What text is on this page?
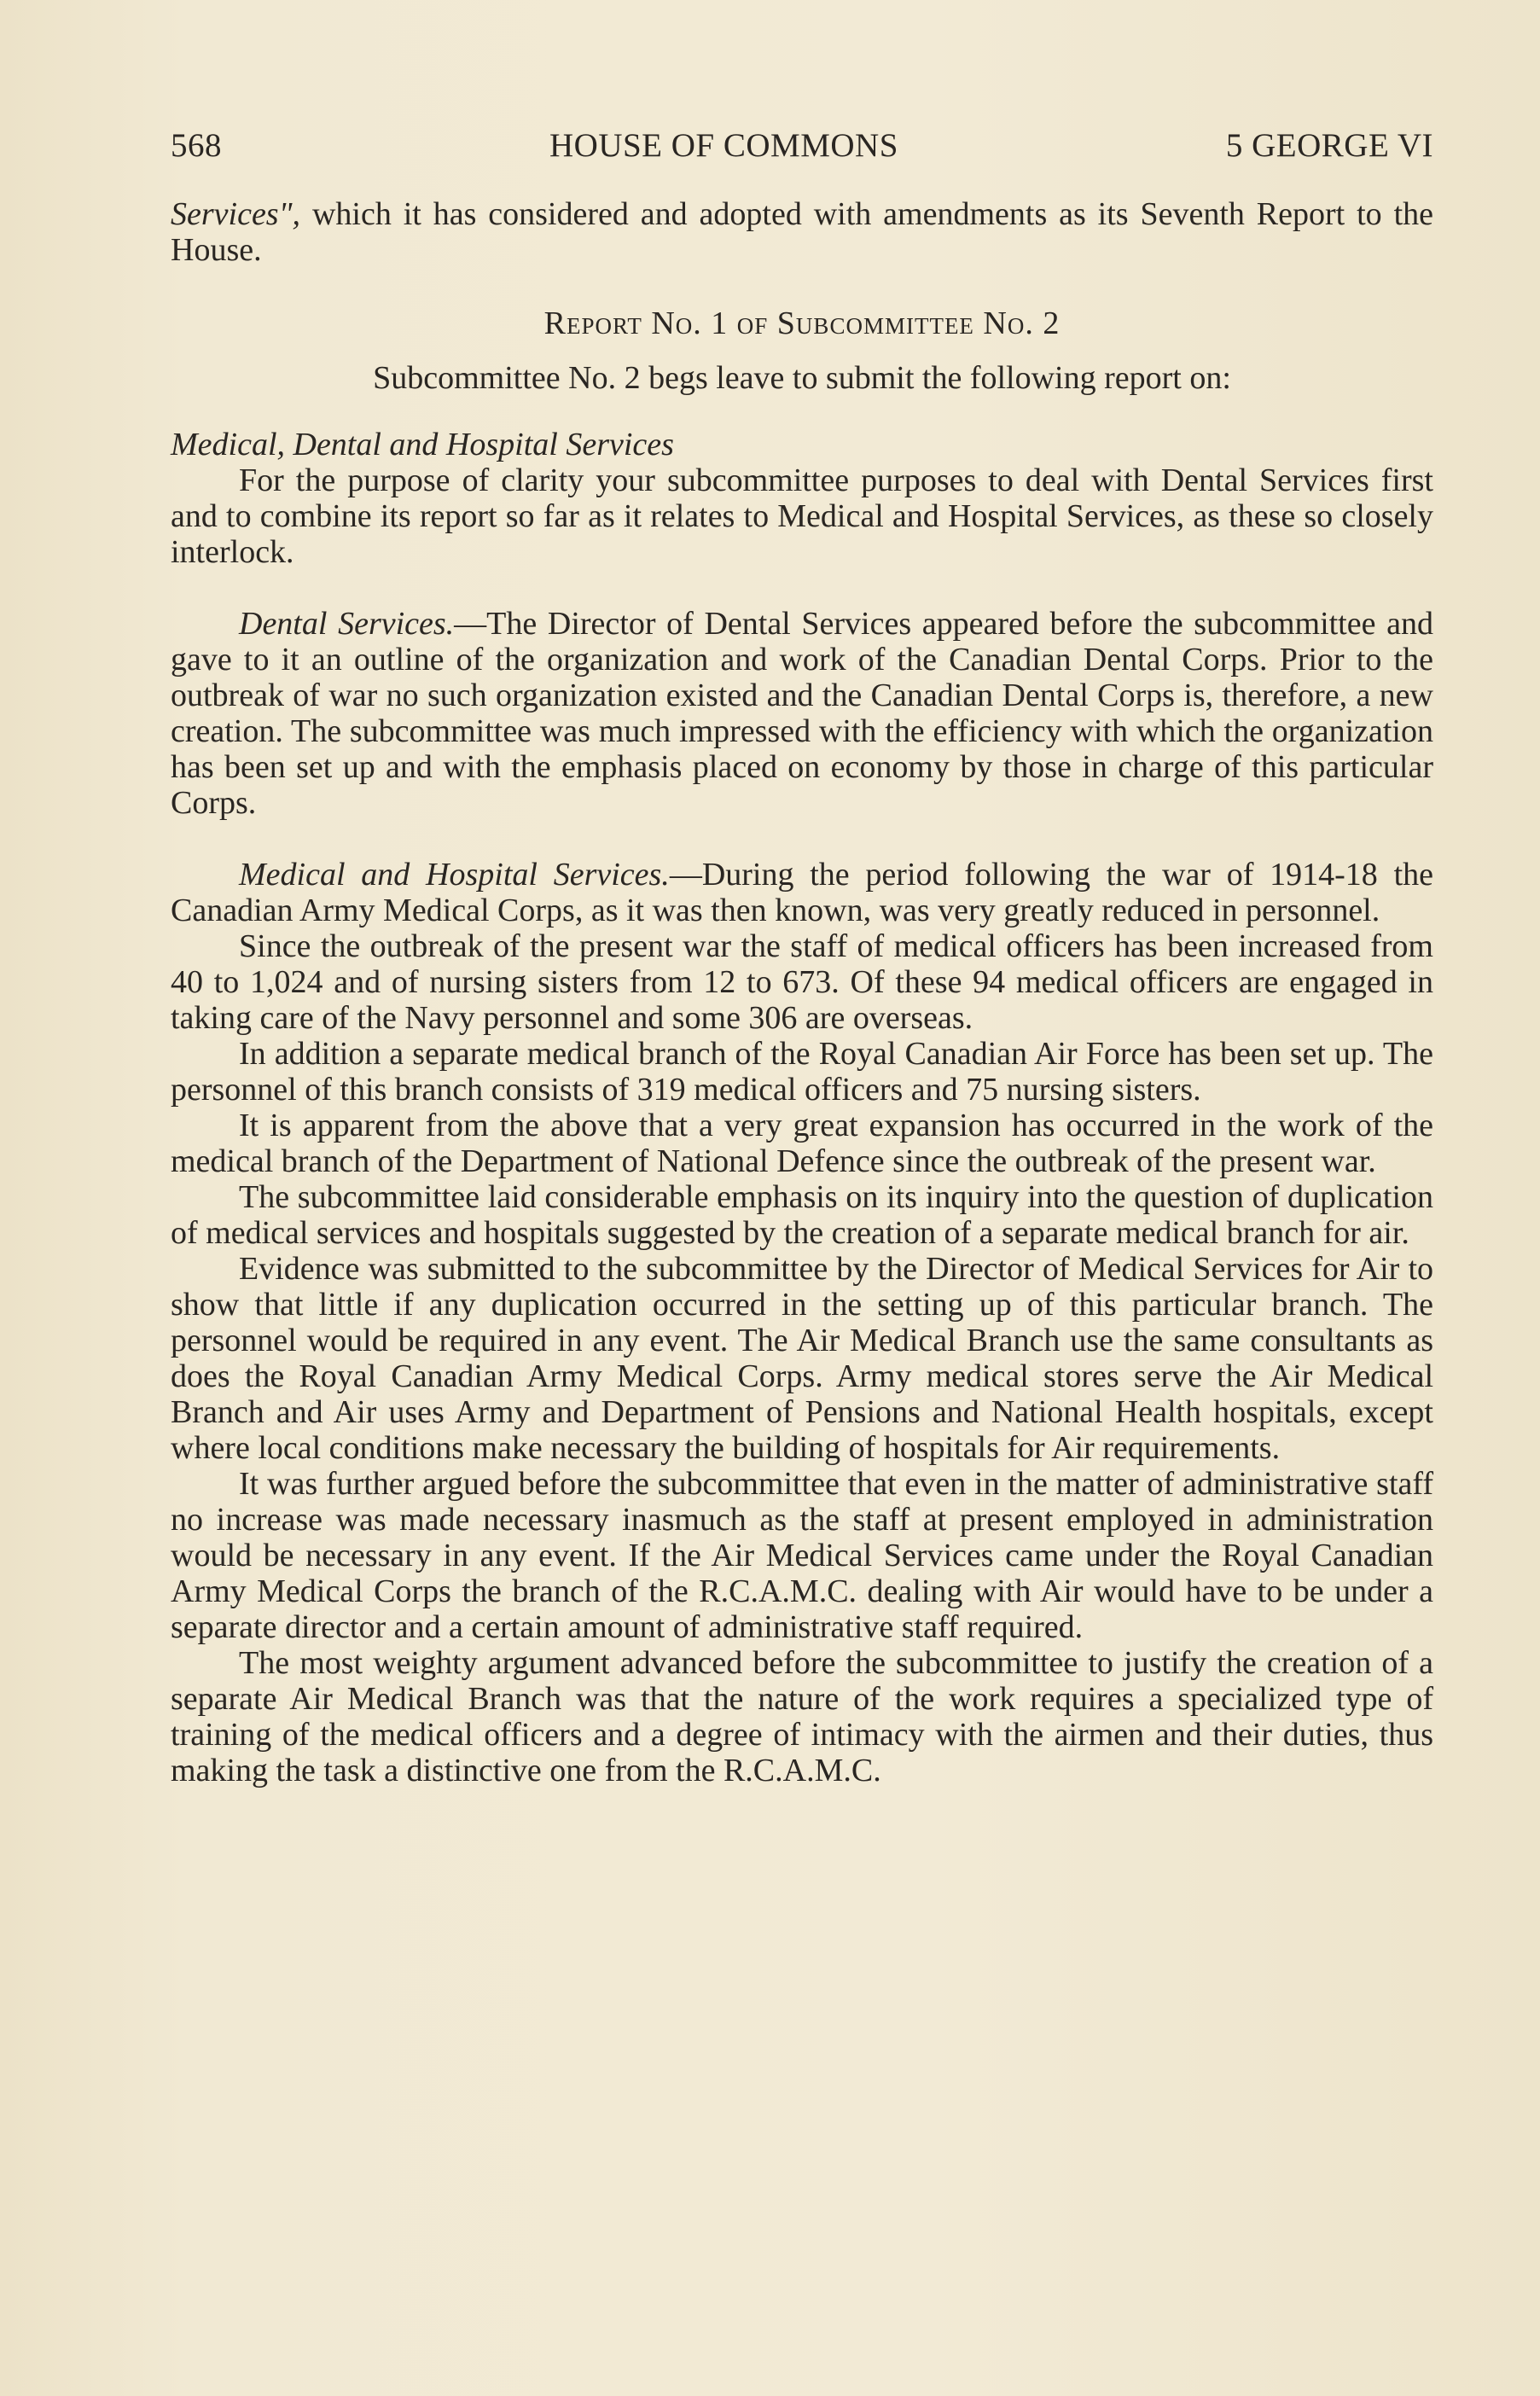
568	HOUSE OF COMMONS	5 GEORGE VI

Services", which it has considered and adopted with amendments as its Seventh Report to the House.

Report No. 1 of Subcommittee No. 2
Subcommittee No. 2 begs leave to submit the following report on:
Medical, Dental and Hospital Services

For the purpose of clarity your subcommittee purposes to deal with Dental Services first and to combine its report so far as it relates to Medical and Hospital Services, as these so closely interlock.

Dental Services.—The Director of Dental Services appeared before the subcommittee and gave to it an outline of the organization and work of the Canadian Dental Corps. Prior to the outbreak of war no such organization existed and the Canadian Dental Corps is, therefore, a new creation. The subcommittee was much impressed with the efficiency with which the organization has been set up and with the emphasis placed on economy by those in charge of this particular Corps.

Medical and Hospital Services.—During the period following the war of 1914-18 the Canadian Army Medical Corps, as it was then known, was very greatly reduced in personnel.

Since the outbreak of the present war the staff of medical officers has been increased from 40 to 1,024 and of nursing sisters from 12 to 673. Of these 94 medical officers are engaged in taking care of the Navy personnel and some 306 are overseas.

In addition a separate medical branch of the Royal Canadian Air Force has been set up. The personnel of this branch consists of 319 medical officers and 75 nursing sisters.

It is apparent from the above that a very great expansion has occurred in the work of the medical branch of the Department of National Defence since the outbreak of the present war.

The subcommittee laid considerable emphasis on its inquiry into the question of duplication of medical services and hospitals suggested by the creation of a separate medical branch for air.

Evidence was submitted to the subcommittee by the Director of Medical Services for Air to show that little if any duplication occurred in the setting up of this particular branch. The personnel would be required in any event. The Air Medical Branch use the same consultants as does the Royal Canadian Army Medical Corps. Army medical stores serve the Air Medical Branch and Air uses Army and Department of Pensions and National Health hospitals, except where local conditions make necessary the building of hospitals for Air requirements.

It was further argued before the subcommittee that even in the matter of administrative staff no increase was made necessary inasmuch as the staff at present employed in administration would be necessary in any event. If the Air Medical Services came under the Royal Canadian Army Medical Corps the branch of the R.C.A.M.C. dealing with Air would have to be under a separate director and a certain amount of administrative staff required.

The most weighty argument advanced before the subcommittee to justify the creation of a separate Air Medical Branch was that the nature of the work requires a specialized type of training of the medical officers and a degree of intimacy with the airmen and their duties, thus making the task a distinctive one from the R.C.A.M.C.
